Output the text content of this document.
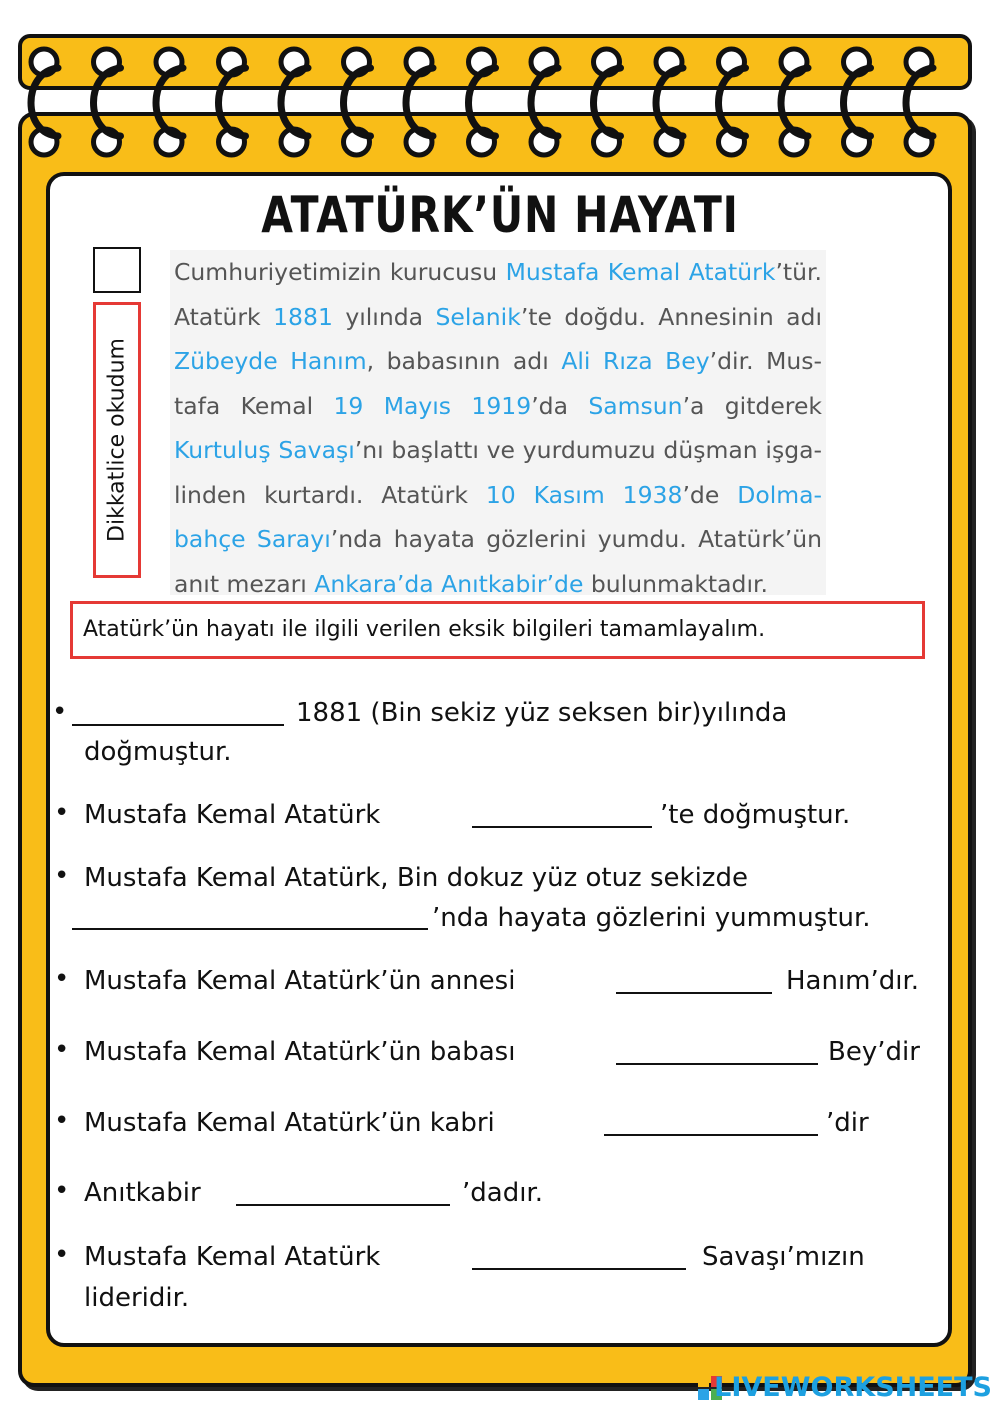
ATATÜRK’ÜN HAYATI
Dikkatlice okudum
Cumhuriyetimizin kurucusu Mustafa Kemal Atatürk’tür.
Atatürk 1881 yılında Selanik’te doğdu. Annesinin adı
Zübeyde Hanım, babasının adı Ali Rıza Bey’dir. Mus-
tafa Kemal 19 Mayıs 1919’da Samsun’a gitderek
Kurtuluş Savaşı’nı başlattı ve yurdumuzu düşman işga-
linden kurtardı. Atatürk 10 Kasım 1938’de Dolma-
bahçe Sarayı’nda hayata gözlerini yumdu. Atatürk’ün
anıt mezarı Ankara’da Anıtkabir’de bulunmaktadır.
Atatürk’ün hayatı ile ilgili verilen eksik bilgileri tamamlayalım.
•	1881 (Bin sekiz yüz seksen bir)yılında
doğmuştur.
• Mustafa Kemal Atatürk	’te doğmuştur.
• Mustafa Kemal Atatürk, Bin dokuz yüz otuz sekizde
’nda hayata gözlerini yummuştur.
• Mustafa Kemal Atatürk’ün annesi	Hanım’dır.
• Mustafa Kemal Atatürk’ün babası	Bey’dir
• Mustafa Kemal Atatürk’ün kabri	’dir
• Anıtkabir	’dadır.
• Mustafa Kemal Atatürk	Savaşı’mızın
lideridir.
LIVEWORKSHEETS
